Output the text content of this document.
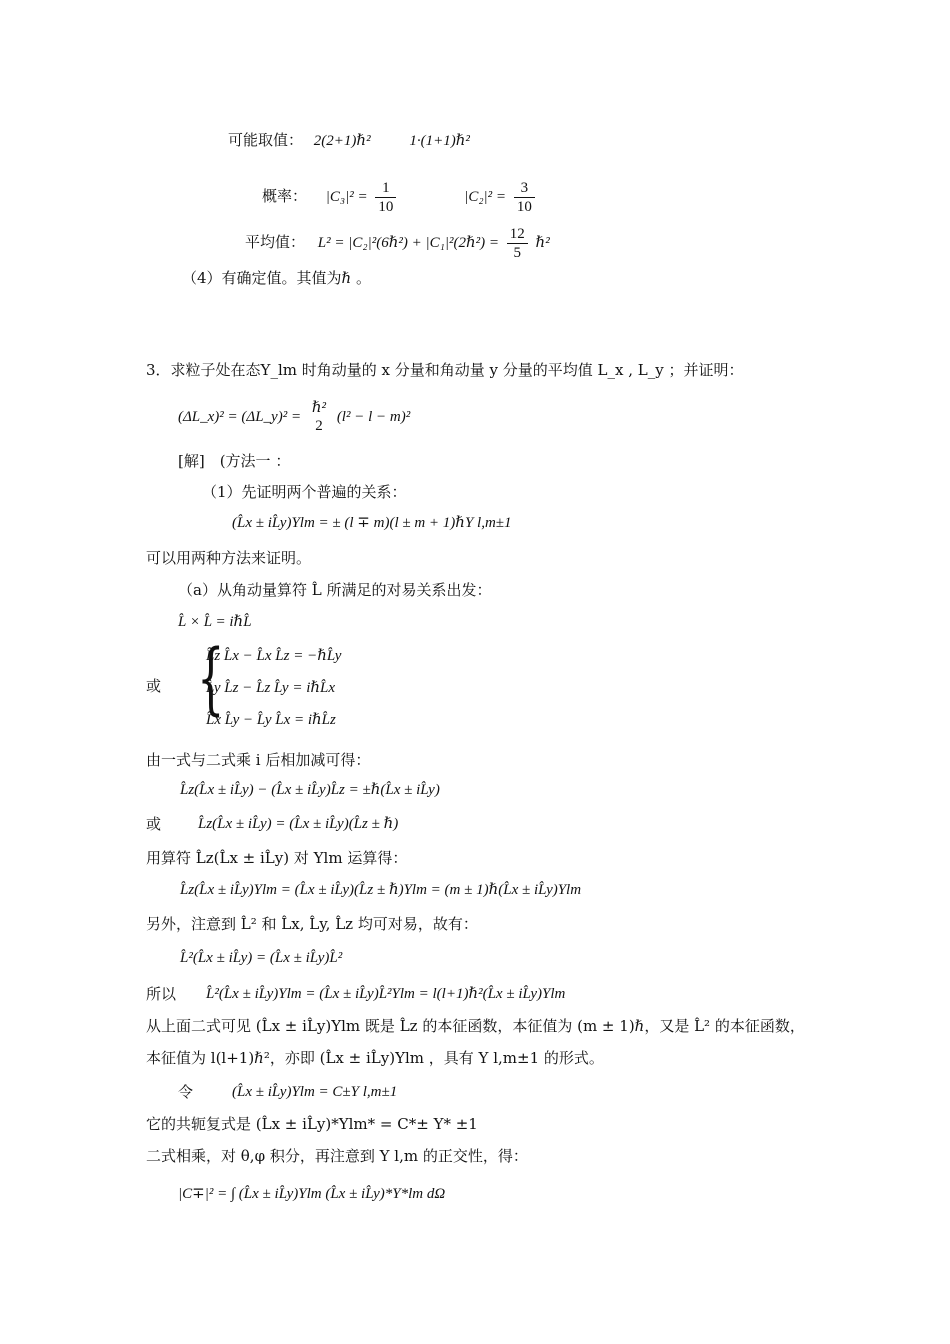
可能取值： 2(2+1)ℏ²	1·(1+1)ℏ²
概率： $|C_3|^2 = \frac{1}{10}$	$|C_2|^2 = \frac{3}{10}$
平均值： L² = |C₂|²(6ℏ²) + |C₁|²(2ℏ²) = $\frac{12}{5}$ ℏ²
（4）有确定值。其值为ℏ 。
3．求粒子处在态Y_lm 时角动量的 x 分量和角动量 y 分量的平均值 L_x , L_y ；并证明：
(ΔL_x)² = (ΔL_y)² =
ℏ²
2
(l² − l − m)²
[解]　(方法一 ：
（1）先证明两个普遍的关系：
(L̂x ± iL̂y)Ylm = ± (l ∓ m)(l ± m + 1)ℏY l,m±1
可以用两种方法来证明。
（a）从角动量算符 L̂ 所满足的对易关系出发：
L̂ × L̂ = iℏL̂
或 {
L̂z L̂x − L̂x L̂z = −ℏL̂y
L̂y L̂z − L̂z L̂y = iℏL̂x
L̂x L̂y − L̂y L̂x = iℏL̂z
由一式与二式乘 i 后相加减可得：
L̂z(L̂x ± iL̂y) − (L̂x ± iL̂y)L̂z = ±ℏ(L̂x ± iL̂y)
或 L̂z(L̂x ± iL̂y) = (L̂x ± iL̂y)(L̂z ± ℏ)
用算符 L̂z(L̂x ± iL̂y) 对 Ylm 运算得：
L̂z(L̂x ± iL̂y)Ylm = (L̂x ± iL̂y)(L̂z ± ℏ)Ylm = (m ± 1)ℏ(L̂x ± iL̂y)Ylm
另外，注意到 L̂² 和 L̂x, L̂y, L̂z 均可对易，故有：
L̂²(L̂x ± iL̂y) = (L̂x ± iL̂y)L̂²
所以 L̂²(L̂x ± iL̂y)Ylm = (L̂x ± iL̂y)L̂²Ylm = l(l+1)ℏ²(L̂x ± iL̂y)Ylm
从上面二式可见 (L̂x ± iL̂y)Ylm 既是 L̂z 的本征函数，本征值为 (m ± 1)ℏ，又是 L̂² 的本征函数，
本征值为 l(l+1)ℏ²，亦即 (L̂x ± iL̂y)Ylm ，具有 Y l,m±1 的形式。
令	(L̂x ± iL̂y)Ylm = C±Y l,m±1
它的共轭复式是 (L̂x ± iL̂y)*Ylm* = C*± Y* ±1
二式相乘，对 θ,φ 积分，再注意到 Y l,m 的正交性，得：
|C∓|² = ∫ (L̂x ± iL̂y)Ylm (L̂x ± iL̂y)*Y*lm dΩ
